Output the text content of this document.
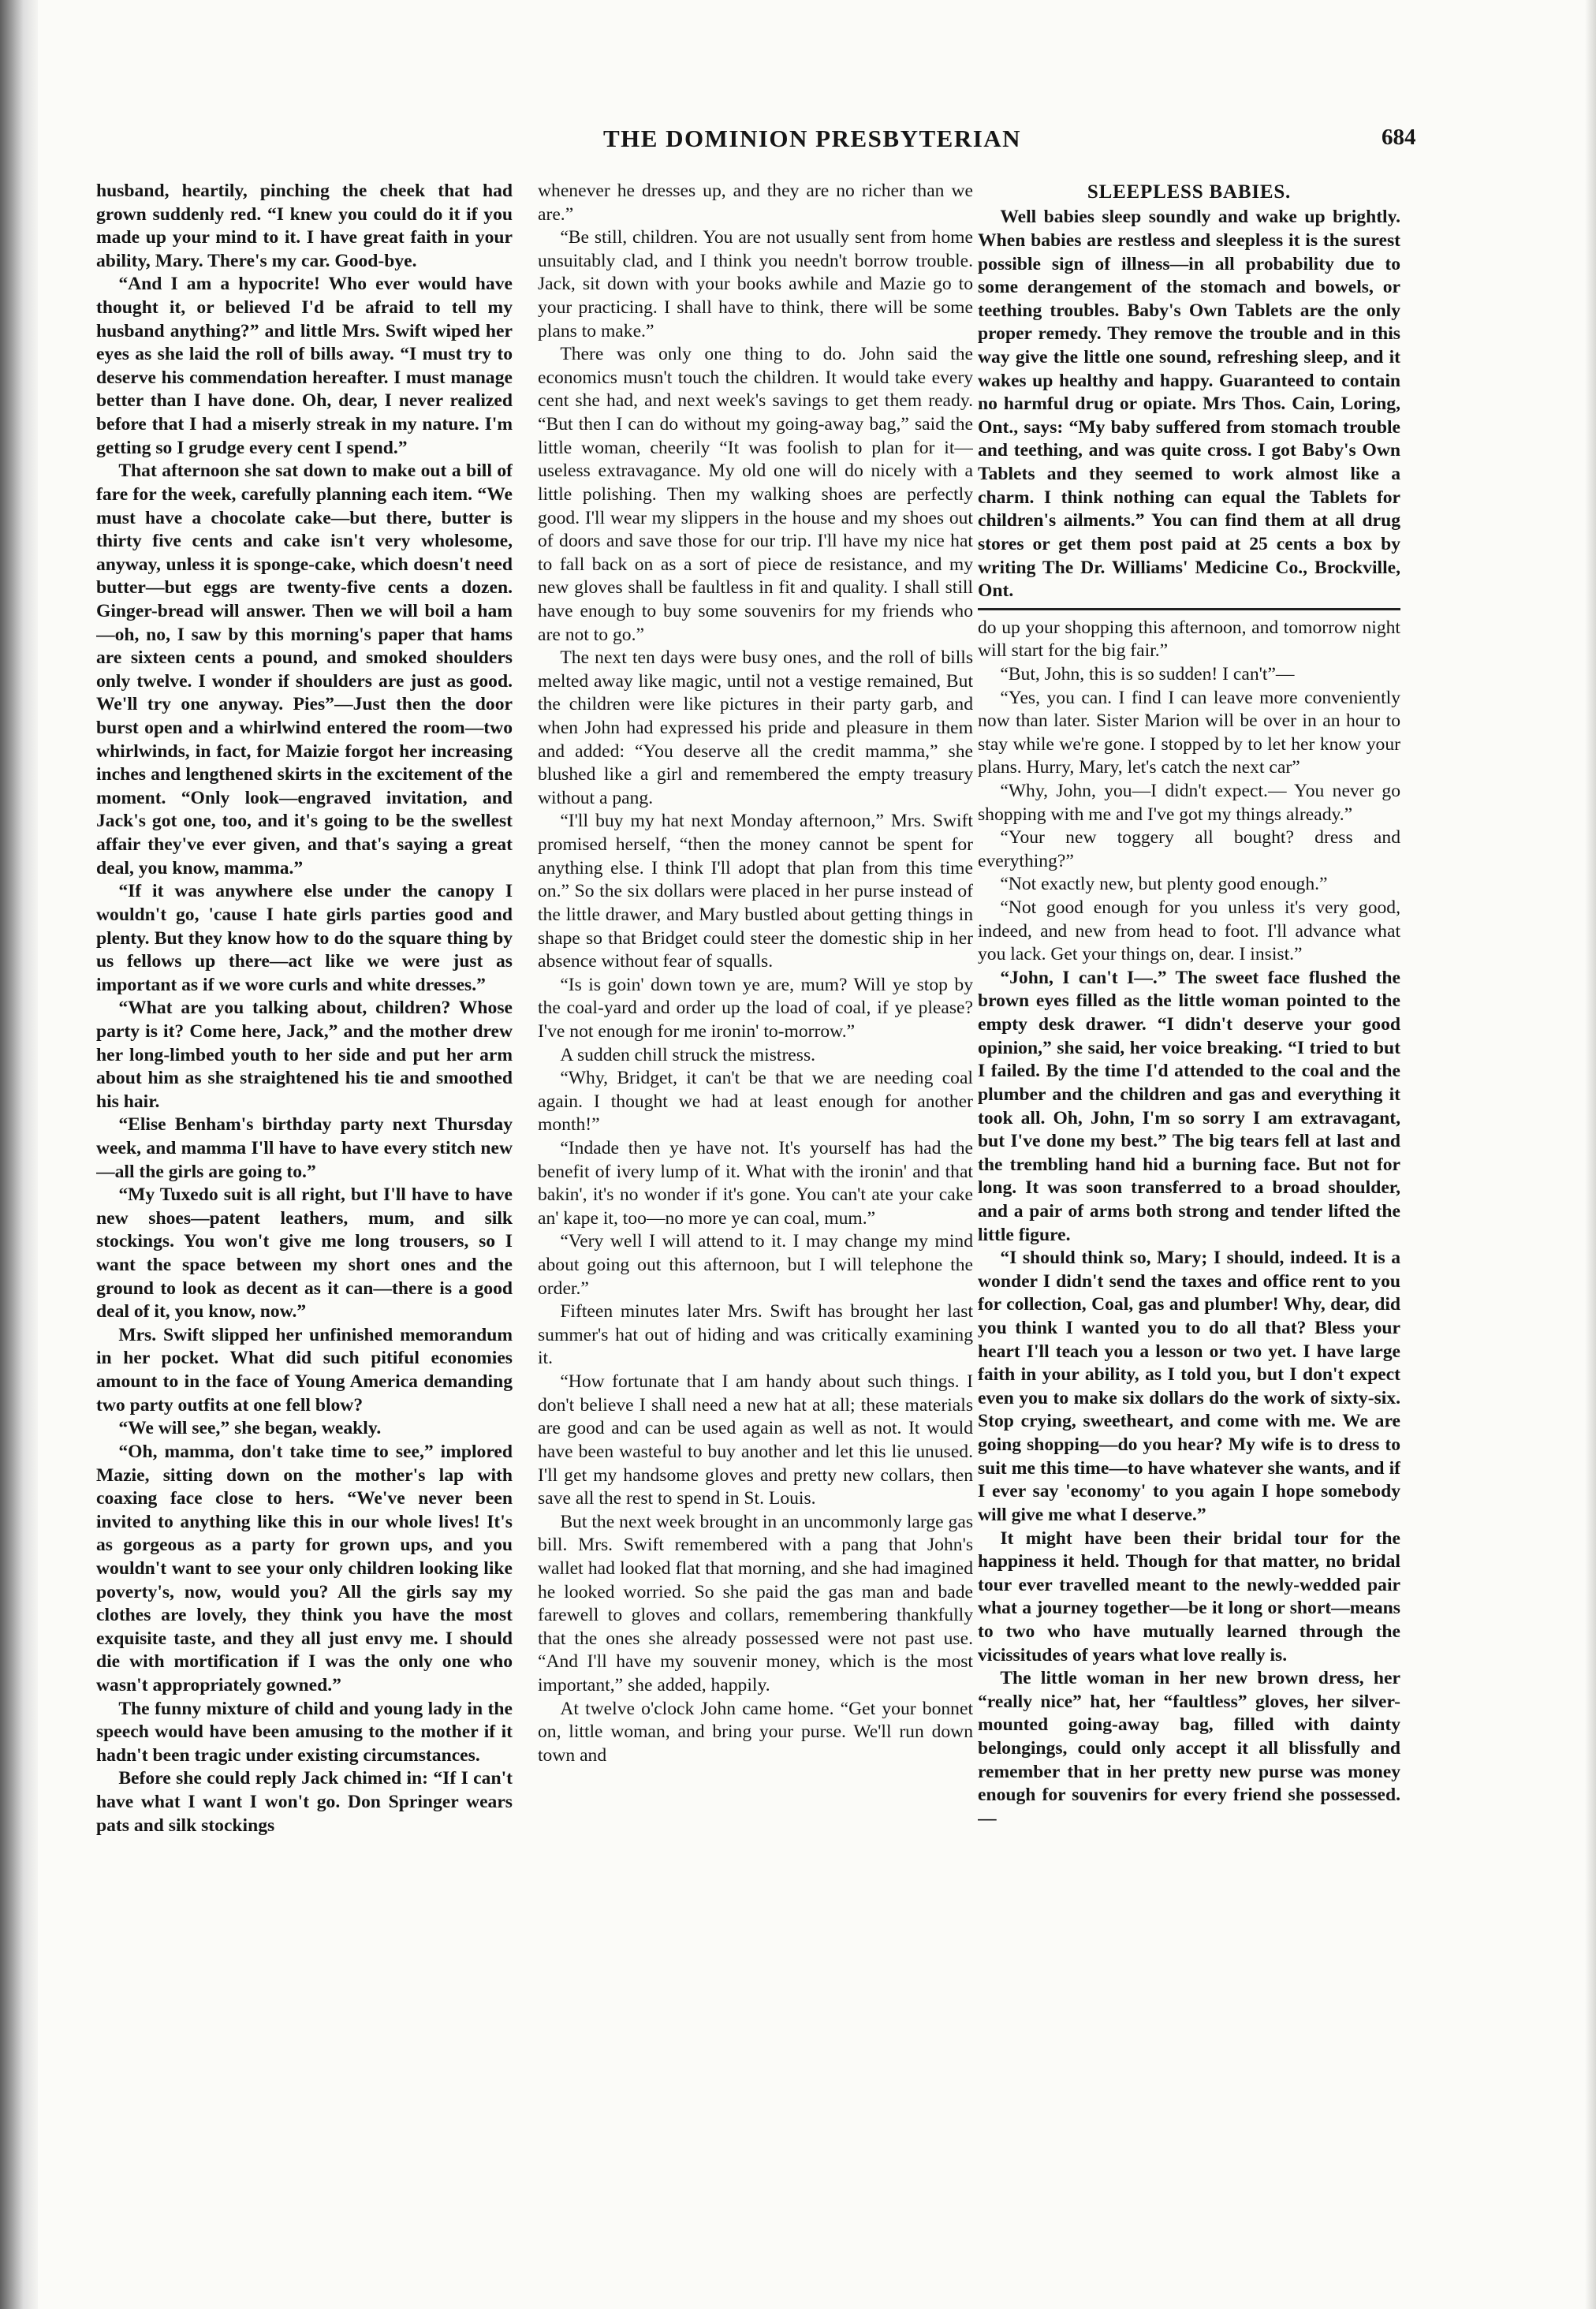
THE DOMINION PRESBYTERIAN	684

husband, heartily, pinching the cheek that had grown suddenly red. “I knew you could do it if you made up your mind to it. I have great faith in your ability, Mary. There's my car. Good-bye.

“And I am a hypocrite! Who ever would have thought it, or believed I'd be afraid to tell my husband anything?” and little Mrs. Swift wiped her eyes as she laid the roll of bills away. “I must try to deserve his commendation hereafter. I must manage better than I have done. Oh, dear, I never realized before that I had a miserly streak in my nature. I'm getting so I grudge every cent I spend.”

That afternoon she sat down to make out a bill of fare for the week, carefully planning each item. “We must have a chocolate cake—but there, butter is thirty five cents and cake isn't very wholesome, anyway, unless it is sponge-cake, which doesn't need butter—but eggs are twenty-five cents a dozen. Ginger-bread will answer. Then we will boil a ham—oh, no, I saw by this morning's paper that hams are sixteen cents a pound, and smoked shoulders only twelve. I wonder if shoulders are just as good. We'll try one anyway. Pies”—Just then the door burst open and a whirlwind entered the room—two whirlwinds, in fact, for Maizie forgot her increasing inches and lengthened skirts in the excitement of the moment. “Only look—engraved invitation, and Jack's got one, too, and it's going to be the swellest affair they've ever given, and that's saying a great deal, you know, mamma.”

“If it was anywhere else under the canopy I wouldn't go, 'cause I hate girls parties good and plenty. But they know how to do the square thing by us fellows up there—act like we were just as important as if we wore curls and white dresses.”

“What are you talking about, children? Whose party is it? Come here, Jack,” and the mother drew her long-limbed youth to her side and put her arm about him as she straightened his tie and smoothed his hair.

“Elise Benham's birthday party next Thursday week, and mamma I'll have to have every stitch new—all the girls are going to.”

“My Tuxedo suit is all right, but I'll have to have new shoes—patent leathers, mum, and silk stockings. You won't give me long trousers, so I want the space between my short ones and the ground to look as decent as it can—there is a good deal of it, you know, now.”

Mrs. Swift slipped her unfinished memorandum in her pocket. What did such pitiful economies amount to in the face of Young America demanding two party outfits at one fell blow?

“We will see,” she began, weakly.

“Oh, mamma, don't take time to see,” implored Mazie, sitting down on the mother's lap with coaxing face close to hers. “We've never been invited to anything like this in our whole lives! It's as gorgeous as a party for grown ups, and you wouldn't want to see your only children looking like poverty's, now, would you? All the girls say my clothes are lovely, they think you have the most exquisite taste, and they all just envy me. I should die with mortification if I was the only one who wasn't appropriately gowned.”

The funny mixture of child and young lady in the speech would have been amusing to the mother if it hadn't been tragic under existing circumstances.

Before she could reply Jack chimed in: “If I can't have what I want I won't go. Don Springer wears pats and silk stockings

whenever he dresses up, and they are no richer than we are.”

“Be still, children. You are not usually sent from home unsuitably clad, and I think you needn't borrow trouble. Jack, sit down with your books awhile and Mazie go to your practicing. I shall have to think, there will be some plans to make.”

There was only one thing to do. John said the economics musn't touch the children. It would take every cent she had, and next week's savings to get them ready. “But then I can do without my going-away bag,” said the little woman, cheerily “It was foolish to plan for it—useless extravagance. My old one will do nicely with a little polishing. Then my walking shoes are perfectly good. I'll wear my slippers in the house and my shoes out of doors and save those for our trip. I'll have my nice hat to fall back on as a sort of piece de resistance, and my new gloves shall be faultless in fit and quality. I shall still have enough to buy some souvenirs for my friends who are not to go.”

The next ten days were busy ones, and the roll of bills melted away like magic, until not a vestige remained, But the children were like pictures in their party garb, and when John had expressed his pride and pleasure in them and added: “You deserve all the credit mamma,” she blushed like a girl and remembered the empty treasury without a pang.

“I'll buy my hat next Monday afternoon,” Mrs. Swift promised herself, “then the money cannot be spent for anything else. I think I'll adopt that plan from this time on.” So the six dollars were placed in her purse instead of the little drawer, and Mary bustled about getting things in shape so that Bridget could steer the domestic ship in her absence without fear of squalls.

“Is is goin' down town ye are, mum? Will ye stop by the coal-yard and order up the load of coal, if ye please? I've not enough for me ironin' to-morrow.”

A sudden chill struck the mistress.

“Why, Bridget, it can't be that we are needing coal again. I thought we had at least enough for another month!”

“Indade then ye have not. It's yourself has had the benefit of ivery lump of it. What with the ironin' and that bakin', it's no wonder if it's gone. You can't ate your cake an' kape it, too—no more ye can coal, mum.”

“Very well I will attend to it. I may change my mind about going out this afternoon, but I will telephone the order.”

Fifteen minutes later Mrs. Swift has brought her last summer's hat out of hiding and was critically examining it.

“How fortunate that I am handy about such things. I don't believe I shall need a new hat at all; these materials are good and can be used again as well as not. It would have been wasteful to buy another and let this lie unused. I'll get my handsome gloves and pretty new collars, then save all the rest to spend in St. Louis.

But the next week brought in an uncommonly large gas bill. Mrs. Swift remembered with a pang that John's wallet had looked flat that morning, and she had imagined he looked worried. So she paid the gas man and bade farewell to gloves and collars, remembering thankfully that the ones she already possessed were not past use. “And I'll have my souvenir money, which is the most important,” she added, happily.

At twelve o'clock John came home. “Get your bonnet on, little woman, and bring your purse. We'll run down town and

SLEEPLESS BABIES.

Well babies sleep soundly and wake up brightly. When babies are restless and sleepless it is the surest possible sign of illness—in all probability due to some derangement of the stomach and bowels, or teething troubles. Baby's Own Tablets are the only proper remedy. They remove the trouble and in this way give the little one sound, refreshing sleep, and it wakes up healthy and happy. Guaranteed to contain no harmful drug or opiate. Mrs Thos. Cain, Loring, Ont., says: “My baby suffered from stomach trouble and teething, and was quite cross. I got Baby's Own Tablets and they seemed to work almost like a charm. I think nothing can equal the Tablets for children's ailments.” You can find them at all drug stores or get them post paid at 25 cents a box by writing The Dr. Williams' Medicine Co., Brockville, Ont.

do up your shopping this afternoon, and tomorrow night will start for the big fair.”

“But, John, this is so sudden! I can't”—

“Yes, you can. I find I can leave more conveniently now than later. Sister Marion will be over in an hour to stay while we're gone. I stopped by to let her know your plans. Hurry, Mary, let's catch the next car”

“Why, John, you—I didn't expect.— You never go shopping with me and I've got my things already.”

“Your new toggery all bought? dress and everything?”

“Not exactly new, but plenty good enough.”

“Not good enough for you unless it's very good, indeed, and new from head to foot. I'll advance what you lack. Get your things on, dear. I insist.”

“John, I can't I—.” The sweet face flushed the brown eyes filled as the little woman pointed to the empty desk drawer. “I didn't deserve your good opinion,” she said, her voice breaking. “I tried to but I failed. By the time I'd attended to the coal and the plumber and the children and gas and everything it took all. Oh, John, I'm so sorry I am extravagant, but I've done my best.” The big tears fell at last and the trembling hand hid a burning face. But not for long. It was soon transferred to a broad shoulder, and a pair of arms both strong and tender lifted the little figure.

“I should think so, Mary; I should, indeed. It is a wonder I didn't send the taxes and office rent to you for collection, Coal, gas and plumber! Why, dear, did you think I wanted you to do all that? Bless your heart I'll teach you a lesson or two yet. I have large faith in your ability, as I told you, but I don't expect even you to make six dollars do the work of sixty-six. Stop crying, sweetheart, and come with me. We are going shopping—do you hear? My wife is to dress to suit me this time—to have whatever she wants, and if I ever say 'economy' to you again I hope somebody will give me what I deserve.”

It might have been their bridal tour for the happiness it held. Though for that matter, no bridal tour ever travelled meant to the newly-wedded pair what a journey together—be it long or short—means to two who have mutually learned through the vicissitudes of years what love really is.

The little woman in her new brown dress, her “really nice” hat, her “faultless” gloves, her silver-mounted going-away bag, filled with dainty belongings, could only accept it all blissfully and remember that in her pretty new purse was money enough for souvenirs for every friend she possessed.—
